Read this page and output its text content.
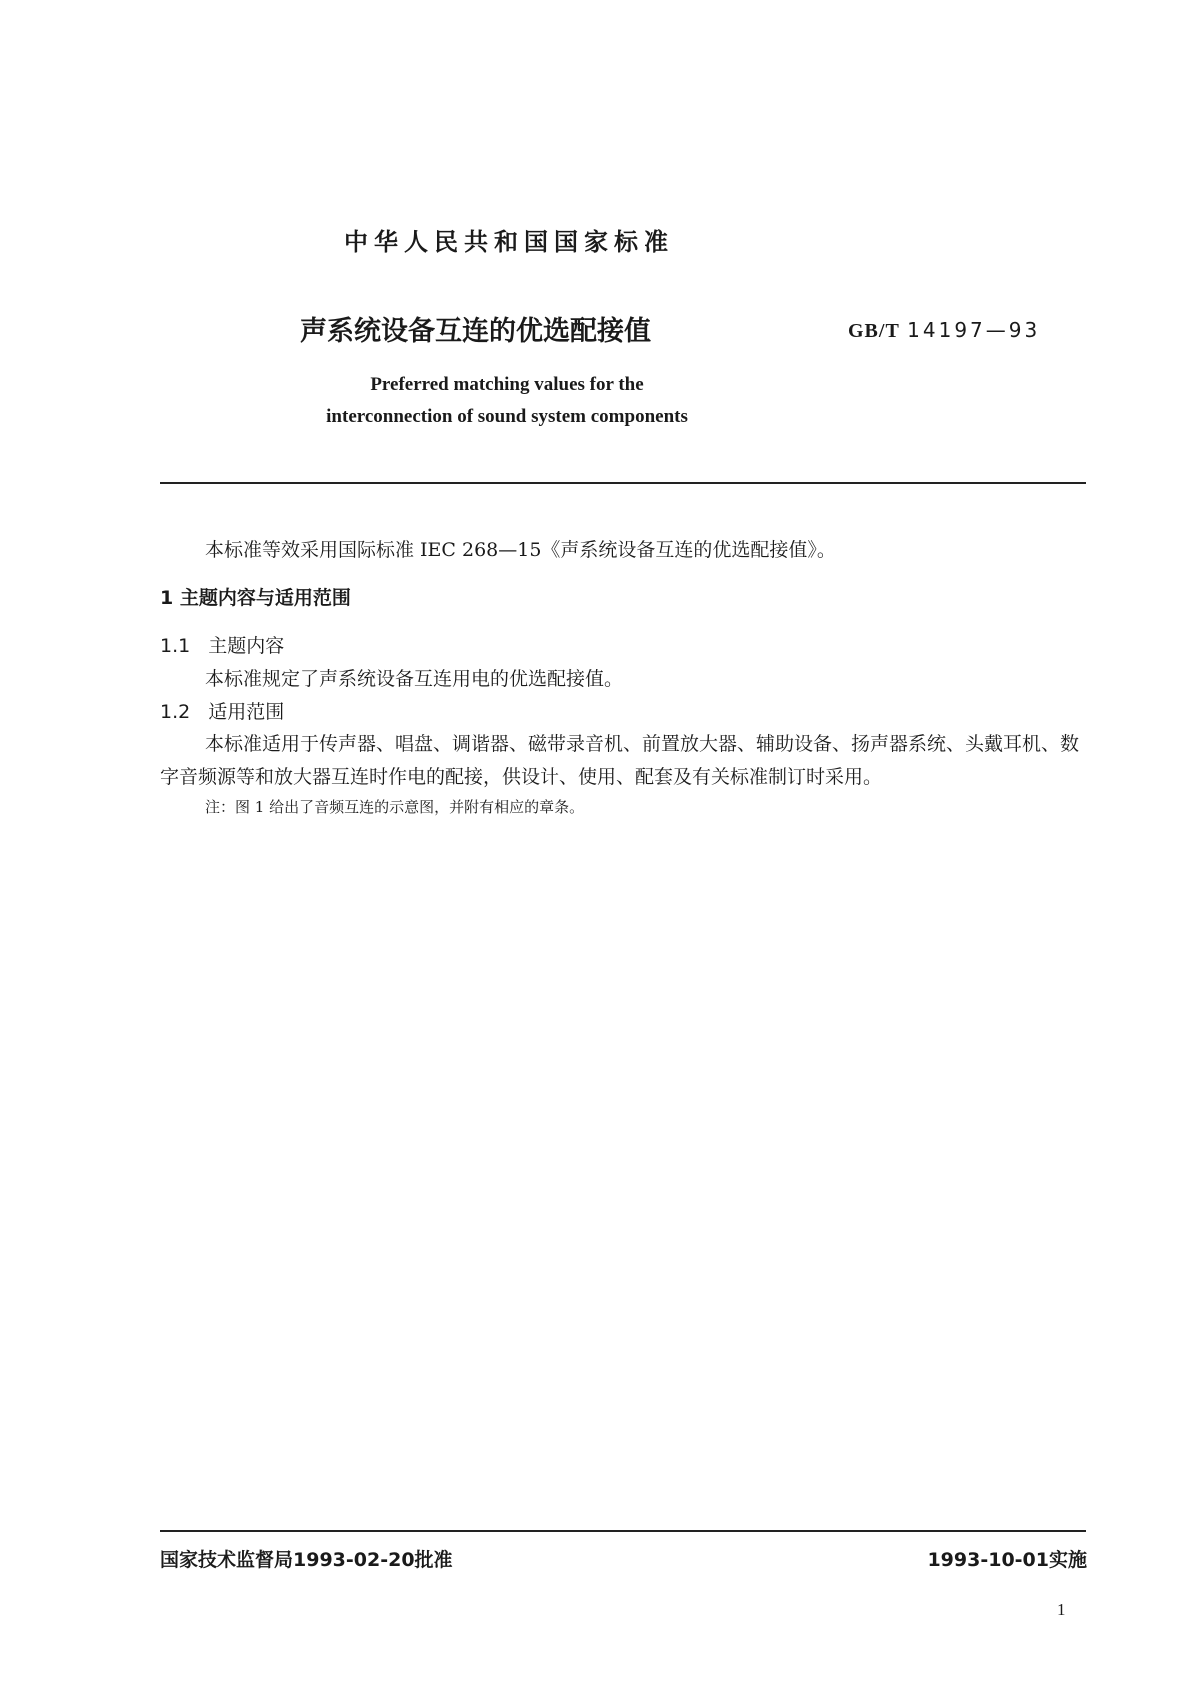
中华人民共和国国家标准
声系统设备互连的优选配接值	GB/T 14197—93
Preferred matching values for the
interconnection of sound system components
本标准等效采用国际标准 IEC 268—15《声系统设备互连的优选配接值》。
1 主题内容与适用范围
1.1 主题内容
本标准规定了声系统设备互连用电的优选配接值。
1.2 适用范围
本标准适用于传声器、唱盘、调谐器、磁带录音机、前置放大器、辅助设备、扬声器系统、头戴耳机、数
字音频源等和放大器互连时作电的配接，供设计、使用、配套及有关标准制订时采用。
注：图 1 给出了音频互连的示意图，并附有相应的章条。
国家技术监督局1993-02-20批准	1993-10-01实施
1
